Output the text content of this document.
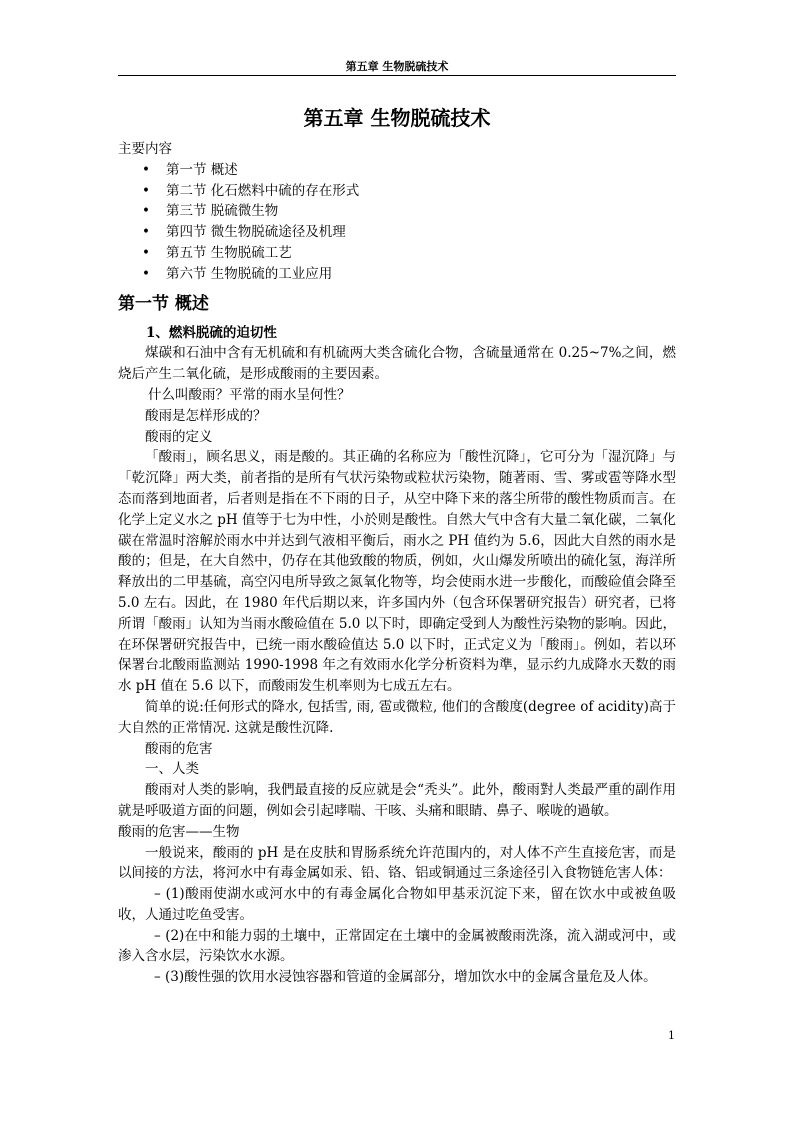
第五章 生物脱硫技术
第五章 生物脱硫技术
主要内容
•	第一节 概述
•	第二节 化石燃料中硫的存在形式
•	第三节 脱硫微生物
•	第四节 微生物脱硫途径及机理
•	第五节 生物脱硫工艺
•	第六节 生物脱硫的工业应用
第一节 概述
1、燃料脱硫的迫切性
煤碳和石油中含有无机硫和有机硫两大类含硫化合物，含硫量通常在 0.25~7%之间，燃烧后产生二氧化硫，是形成酸雨的主要因素。
什么叫酸雨？平常的雨水呈何性？
酸雨是怎样形成的？
酸雨的定义
「酸雨」，顾名思义，雨是酸的。其正确的名称应为「酸性沉降」，它可分为「湿沉降」与「乾沉降」两大类，前者指的是所有气状污染物或粒状污染物，随著雨、雪、雾或雹等降水型态而落到地面者，后者则是指在不下雨的日子，从空中降下来的落尘所带的酸性物质而言。在化学上定义水之 pH 值等于七为中性，小於则是酸性。自然大气中含有大量二氧化碳，二氧化碳在常温时溶解於雨水中并达到气液相平衡后，雨水之 PH 值约为 5.6，因此大自然的雨水是酸的；但是，在大自然中，仍存在其他致酸的物质，例如，火山爆发所喷出的硫化氢，海洋所释放出的二甲基硫，高空闪电所导致之氮氧化物等，均会使雨水进一步酸化，而酸硷值会降至 5.0 左右。因此，在 1980 年代后期以来，许多国内外（包含环保署研究报告）研究者，已将所谓「酸雨」认知为当雨水酸硷值在 5.0 以下时，即确定受到人为酸性污染物的影响。因此，在环保署研究报告中，已统一雨水酸硷值达 5.0 以下时，正式定义为「酸雨」。例如，若以环保署台北酸雨监测站 1990-1998 年之有效雨水化学分析资料为準，显示约九成降水天数的雨水 pH 值在 5.6 以下，而酸雨发生机率则为七成五左右。
简单的说:任何形式的降水, 包括雪, 雨, 雹或微粒, 他们的含酸度(degree of acidity)高于大自然的正常情况. 这就是酸性沉降.
酸雨的危害
一、人类
酸雨对人类的影响，我們最直接的反应就是会“秃头”。此外，酸雨對人类最严重的副作用就是呼吸道方面的问题，例如会引起哮喘、干咳、头痛和眼睛、鼻子、喉咙的過敏。
酸雨的危害——生物
一般说来，酸雨的 pH 是在皮肤和胃肠系统允许范围内的，对人体不产生直接危害，而是以间接的方法，将河水中有毒金属如汞、铅、铬、铝或铜通过三条途径引入食物链危害人体：
– (1)酸雨使湖水或河水中的有毒金属化合物如甲基汞沉淀下来，留在饮水中或被鱼吸收，人通过吃鱼受害。
– (2)在中和能力弱的土壤中，正常固定在土壤中的金属被酸雨洗涤，流入湖或河中，或渗入含水层，污染饮水水源。
– (3)酸性强的饮用水浸蚀容器和管道的金属部分，增加饮水中的金属含量危及人体。
1
